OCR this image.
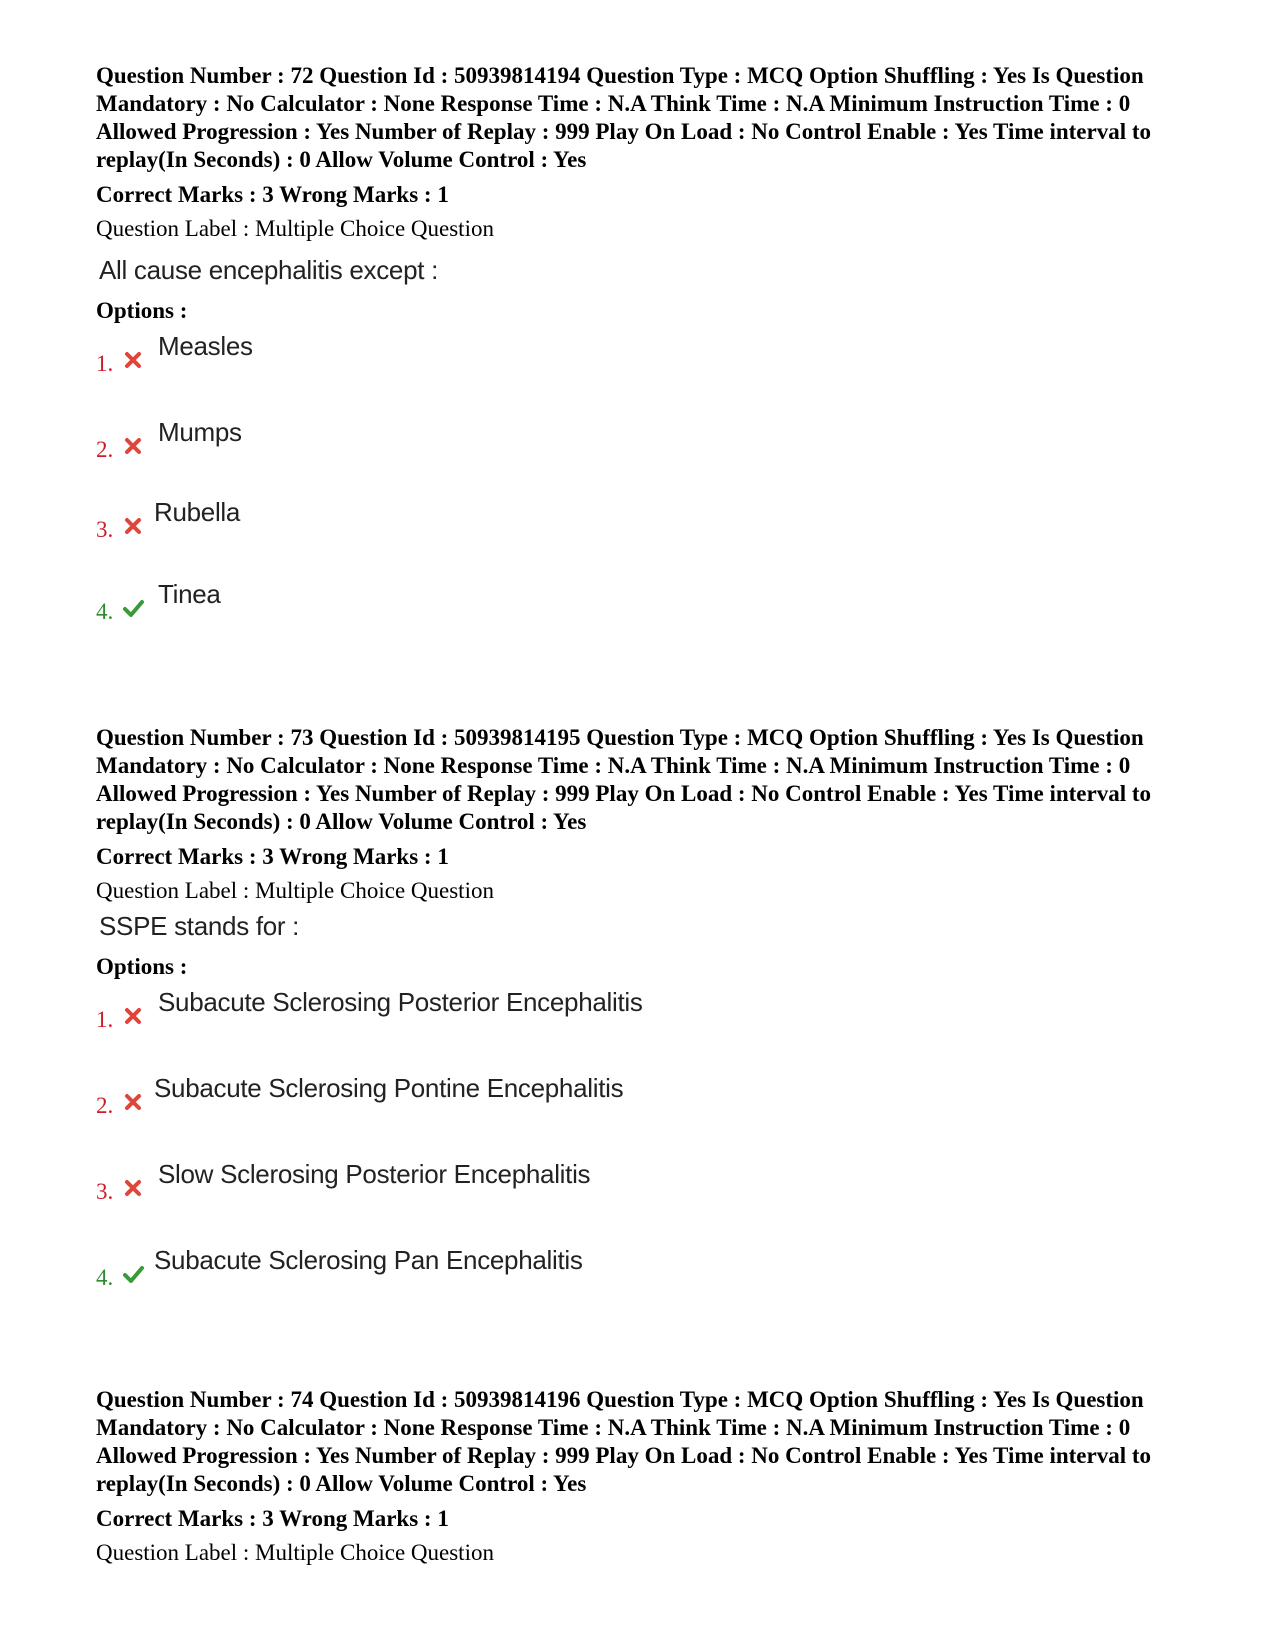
Question Number : 72 Question Id : 50939814194 Question Type : MCQ Option Shuffling : Yes Is Question Mandatory : No Calculator : None Response Time : N.A Think Time : N.A Minimum Instruction Time : 0 Allowed Progression : Yes Number of Replay : 999 Play On Load : No Control Enable : Yes Time interval to replay(In Seconds) : 0 Allow Volume Control : Yes

Correct Marks : 3 Wrong Marks : 1
Question Label : Multiple Choice Question
All cause encephalitis except :
Options :
1.
Measles
2.
Mumps
3.
Rubella
4.
Tinea

Question Number : 73 Question Id : 50939814195 Question Type : MCQ Option Shuffling : Yes Is Question Mandatory : No Calculator : None Response Time : N.A Think Time : N.A Minimum Instruction Time : 0 Allowed Progression : Yes Number of Replay : 999 Play On Load : No Control Enable : Yes Time interval to replay(In Seconds) : 0 Allow Volume Control : Yes

Correct Marks : 3 Wrong Marks : 1
Question Label : Multiple Choice Question
SSPE stands for :
Options :
1.
Subacute Sclerosing Posterior Encephalitis
2.
Subacute Sclerosing Pontine Encephalitis
3.
Slow Sclerosing Posterior Encephalitis
4.
Subacute Sclerosing Pan Encephalitis

Question Number : 74 Question Id : 50939814196 Question Type : MCQ Option Shuffling : Yes Is Question Mandatory : No Calculator : None Response Time : N.A Think Time : N.A Minimum Instruction Time : 0 Allowed Progression : Yes Number of Replay : 999 Play On Load : No Control Enable : Yes Time interval to replay(In Seconds) : 0 Allow Volume Control : Yes

Correct Marks : 3 Wrong Marks : 1
Question Label : Multiple Choice Question
